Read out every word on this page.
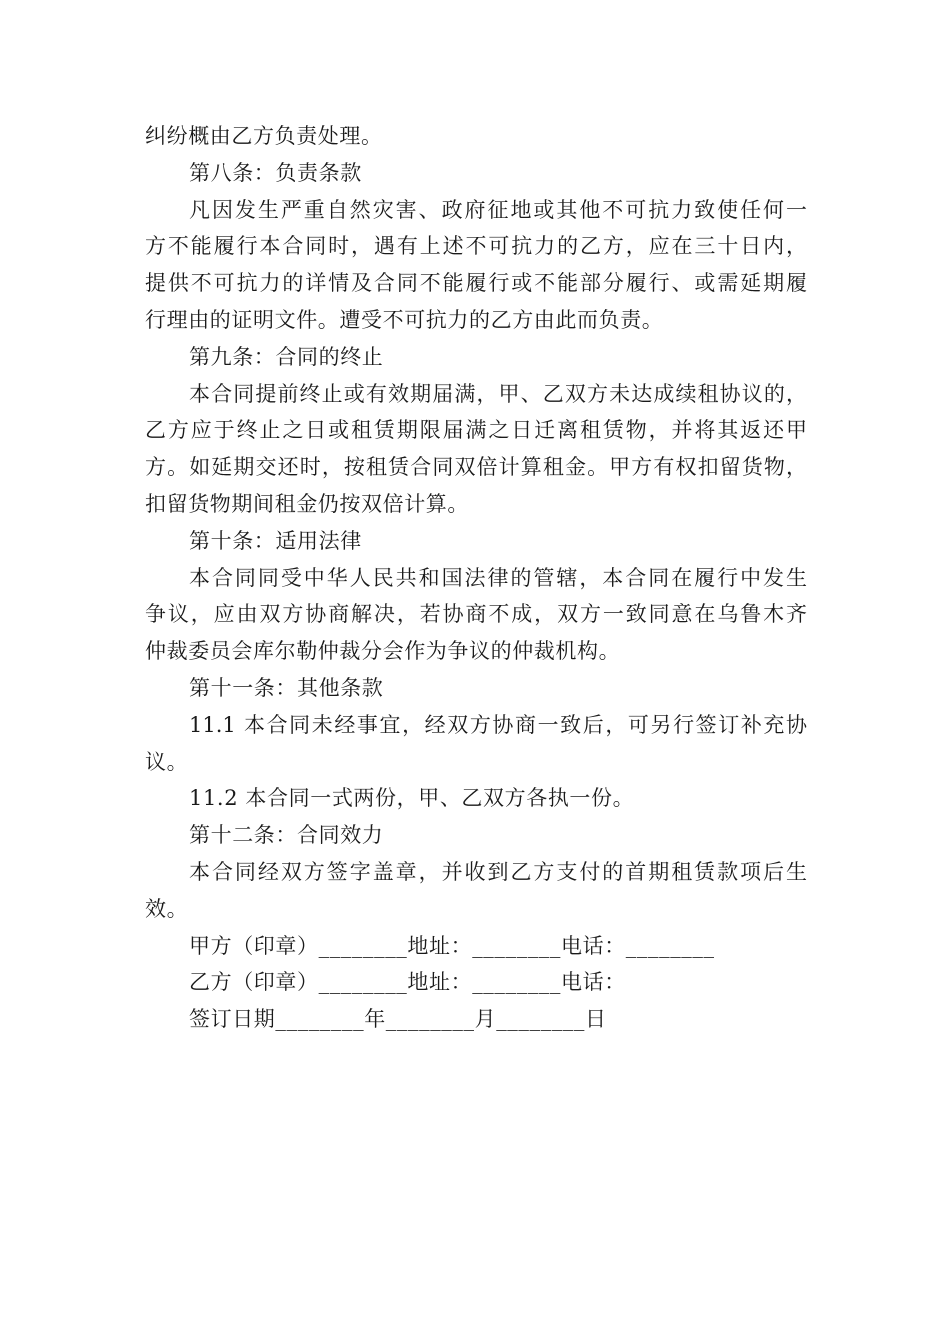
纠纷概由乙方负责处理。
第八条：负责条款
凡因发生严重自然灾害、政府征地或其他不可抗力致使任何一
方不能履行本合同时，遇有上述不可抗力的乙方，应在三十日内，
提供不可抗力的详情及合同不能履行或不能部分履行、或需延期履
行理由的证明文件。遭受不可抗力的乙方由此而负责。
第九条：合同的终止
本合同提前终止或有效期届满，甲、乙双方未达成续租协议的，
乙方应于终止之日或租赁期限届满之日迁离租赁物，并将其返还甲
方。如延期交还时，按租赁合同双倍计算租金。甲方有权扣留货物，
扣留货物期间租金仍按双倍计算。
第十条：适用法律
本合同同受中华人民共和国法律的管辖，本合同在履行中发生
争议，应由双方协商解决，若协商不成，双方一致同意在乌鲁木齐
仲裁委员会库尔勒仲裁分会作为争议的仲裁机构。
第十一条：其他条款
11.1 本合同未经事宜，经双方协商一致后，可另行签订补充协
议。
11.2 本合同一式两份，甲、乙双方各执一份。
第十二条：合同效力
本合同经双方签字盖章，并收到乙方支付的首期租赁款项后生
效。
甲方（印章）________地址：________电话：________
乙方（印章）________地址：________电话：
签订日期________年________月________日
